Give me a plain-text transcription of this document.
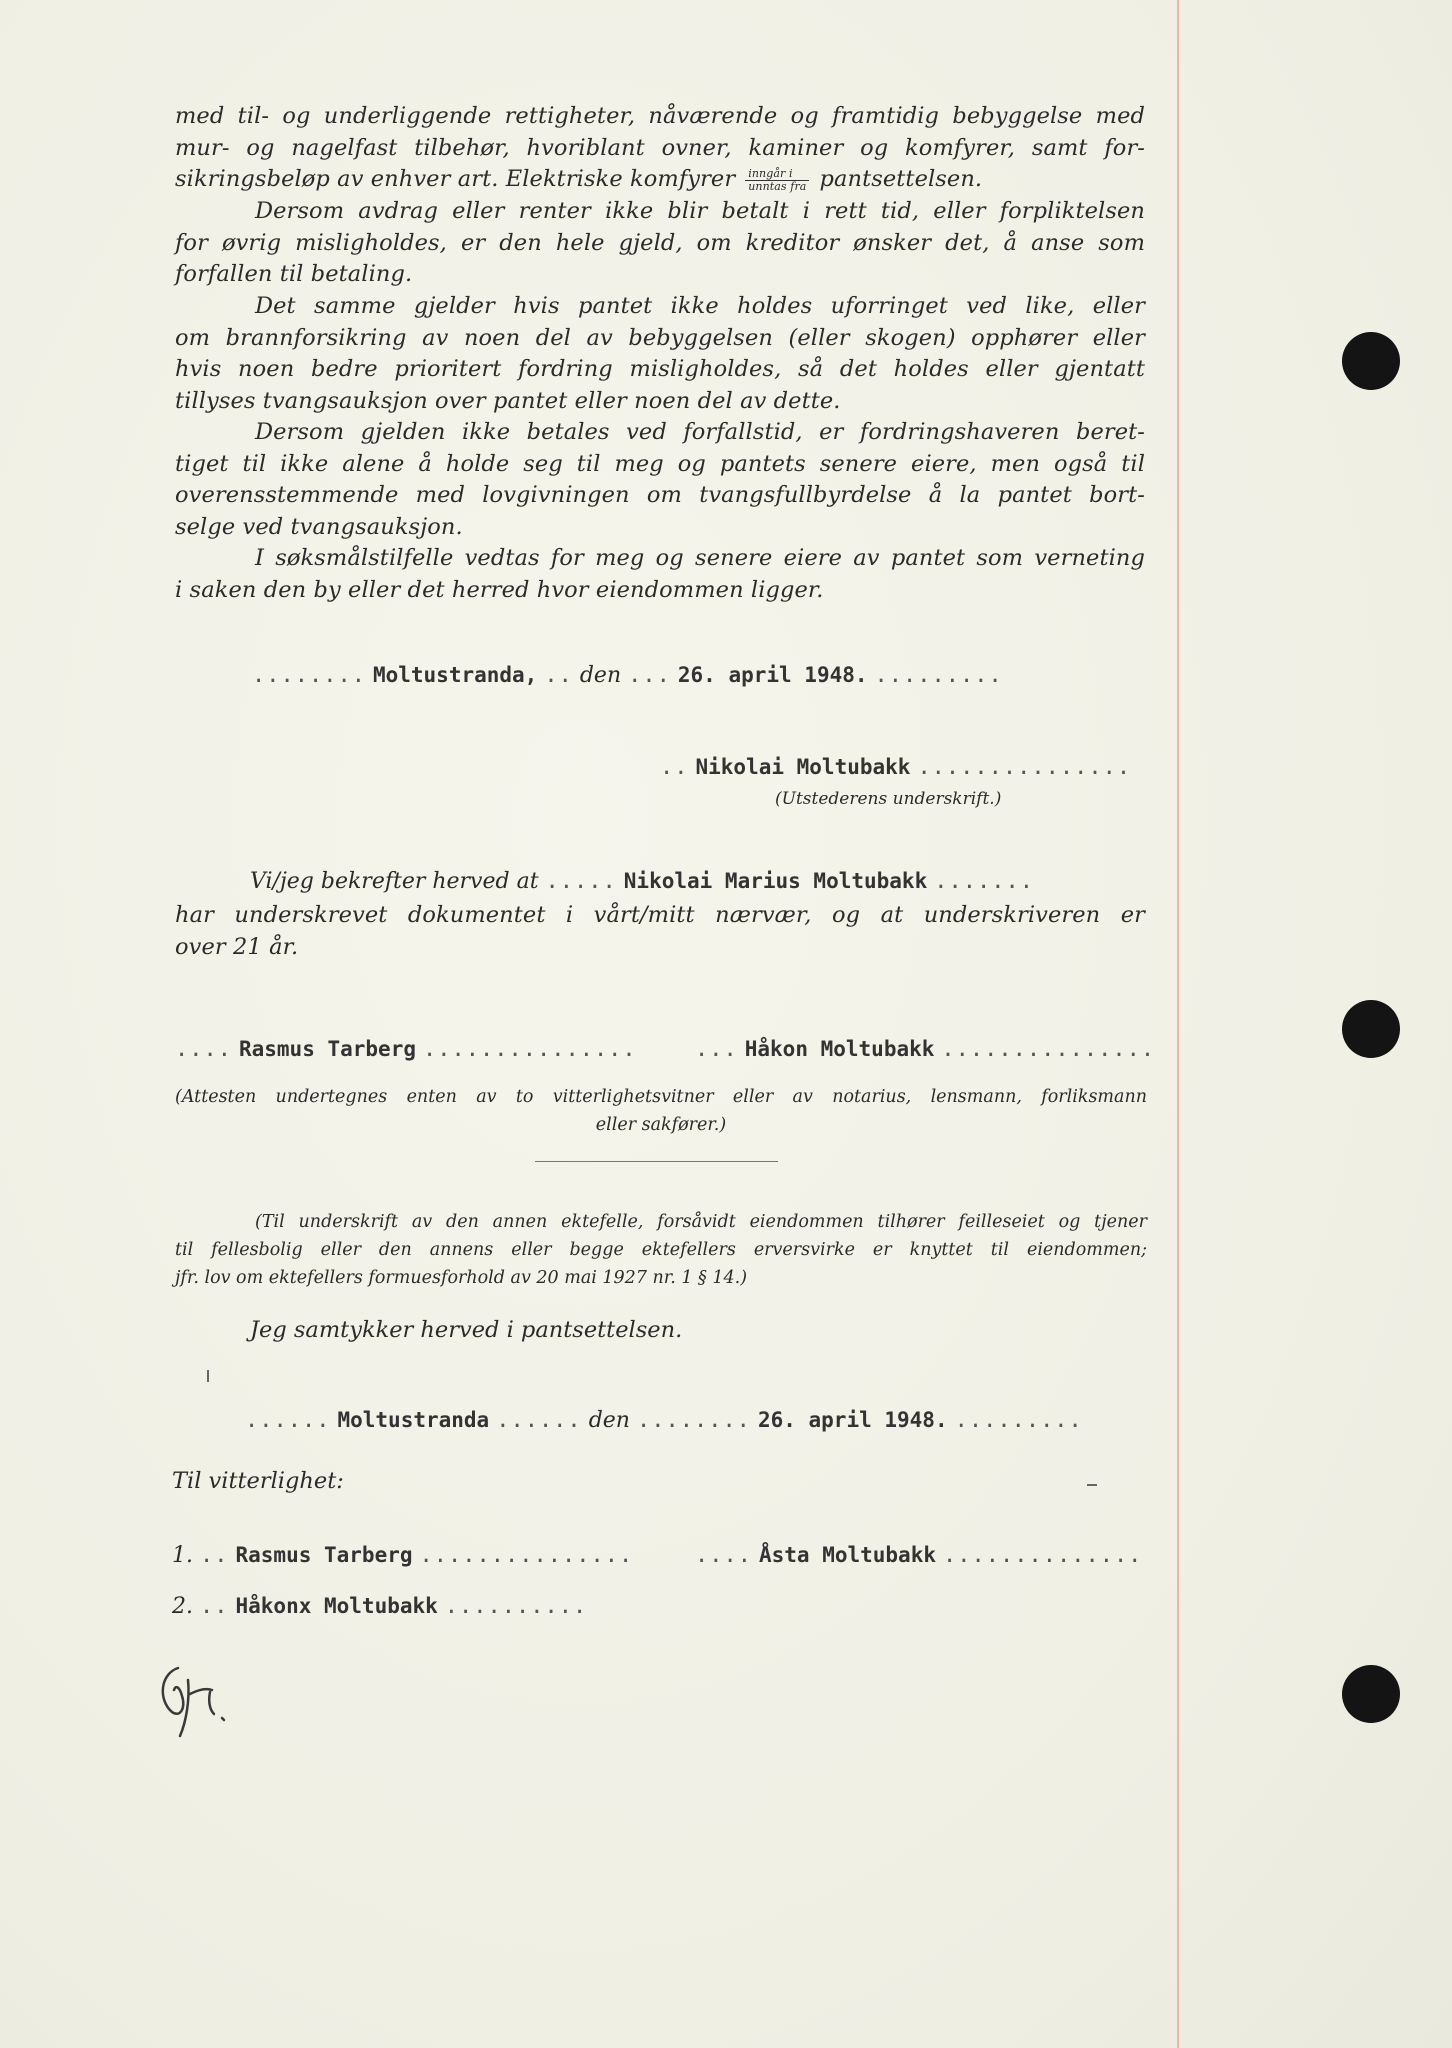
med til- og underliggende rettigheter, nåværende og framtidig bebyggelse med
mur- og nagelfast tilbehør, hvoriblant ovner, kaminer og komfyrer, samt for-
sikringsbeløp av enhver art. Elektriske komfyrer $\frac{\text{inngår i}}{\text{unntas fra}}$ pantsettelsen.

Dersom avdrag eller renter ikke blir betalt i rett tid, eller forpliktelsen
for øvrig misligholdes, er den hele gjeld, om kreditor ønsker det, å anse som
forfallen til betaling.

Det samme gjelder hvis pantet ikke holdes uforringet ved like, eller
om brannforsikring av noen del av bebyggelsen (eller skogen) opphører eller
hvis noen bedre prioritert fordring misligholdes, så det holdes eller gjentatt
tillyses tvangsauksjon over pantet eller noen del av dette.

Dersom gjelden ikke betales ved forfallstid, er fordringshaveren beret-
tiget til ikke alene å holde seg til meg og pantets senere eiere, men også til
overensstemmende med lovgivningen om tvangsfullbyrdelse å la pantet bort-
selge ved tvangsauksjon.

I søksmålstilfelle vedtas for meg og senere eiere av pantet som verneting
i saken den by eller det herred hvor eiendommen ligger.

........ Moltustranda, .. den ... 26. april 1948. .........
.. Nikolai Moltubakk ...............
(Utstederens underskrift.)
Vi/jeg bekrefter herved at ..... Nikolai Marius Moltubakk .......

har underskrevet dokumentet i vårt/mitt nærvær, og at underskriveren er
over 21 år.

.... Rasmus Tarberg ...............	... Håkon Moltubakk ...............

(Attesten undertegnes enten av to vitterlighetsvitner eller av notarius, lensmann, forliksmann
eller sakfører.)

(Til underskrift av den annen ektefelle, forsåvidt eiendommen tilhører feilleseiet og tjener
til fellesbolig eller den annens eller begge ektefellers erversvirke er knyttet til eiendommen;
jfr. lov om ektefellers formuesforhold av 20 mai 1927 nr. 1 § 14.)

Jeg samtykker herved i pantsettelsen.
...... Moltustranda ...... den ........ 26. april 1948. .........
Til vitterlighet:
1. .. Rasmus Tarberg ...............	.... Åsta Moltubakk ..............
2. .. Håkonx Moltubakk ..........
